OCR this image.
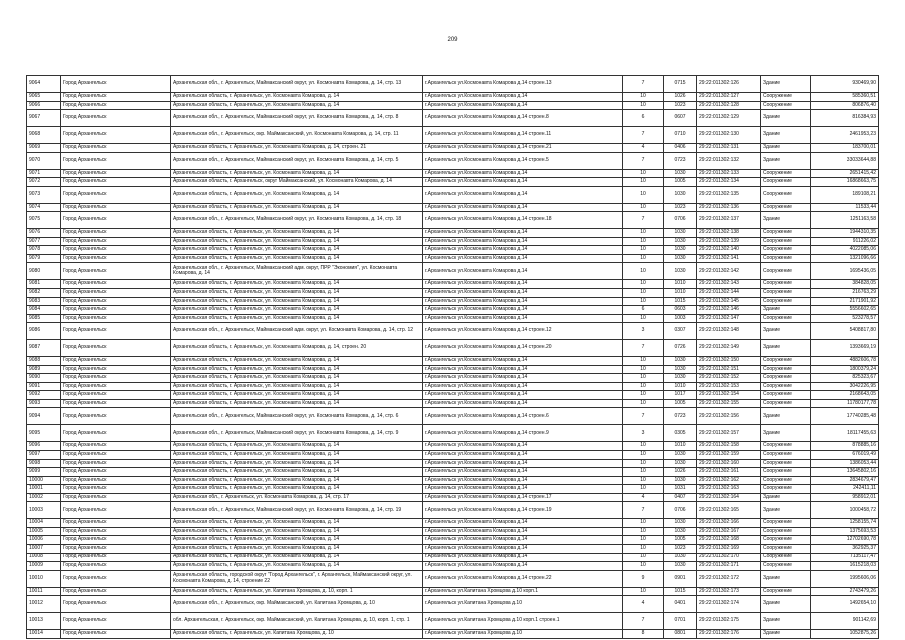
209
9064	Город Архангельск	Архангельская обл., г. Архангельск, Маймаксанский округ, ул. Космонавта Комарова, д. 14, стр. 13	г.Архангельск ул.Космонавта Комарова д.14 строен.13	7	0715	29:22:011302:126	Здание	930469,90
9065	Город Архангельск	Архангельская область, г. Архангельск, ул. Космонавта Комарова, д. 14	г.Архангельск ул.Космонавта Комарова д.14	10	1026	29:22:011302:127	Сооружение	585360,51
9066	Город Архангельск	Архангельская область, г. Архангельск, ул. Космонавта Комарова, д. 14	г.Архангельск ул.Космонавта Комарова д.14	10	1023	29:22:011302:128	Сооружение	806876,40
9067	Город Архангельск	Архангельская обл., г. Архангельск, Маймаксанский округ, ул. Космонавта Комарова, д. 14, стр. 8	г.Архангельск ул.Космонавта Комарова д.14 строен.8	6	0607	29:22:011302:129	Здание	816384,93
9068	Город Архангельск	Архангельская обл., г. Архангельск, окр. Маймаксанский, ул. Космонавта Комарова, д. 14, стр. 11	г.Архангельск ул.Космонавта Комарова д.14 строен.11	7	0710	29:22:011302:130	Здание	2461953,23
9069	Город Архангельск	Архангельская область, г. Архангельск, ул. Космонавта Комарова, д. 14, строен. 21	г.Архангельск ул.Космонавта Комарова д.14 строен.21	4	0406	29:22:011302:131	Здание	183700,01
9070	Город Архангельск	Архангельская обл., г. Архангельск, Маймаксанский округ, ул. Космонавта Комарова, д. 14, стр. 5	г.Архангельск ул.Космонавта Комарова д.14 строен.5	7	0723	29:22:011302:132	Здание	33033644,88
9071	Город Архангельск	Архангельская область, г. Архангельск, ул. Космонавта Комарова, д. 14	г.Архангельск ул.Космонавта Комарова д.14	10	1030	29:22:011302:133	Сооружение	2651415,42
9072	Город Архангельск	Архангельская область, г. Архангельск, округ Маймаксанский, ул. Космонавта Комарова, д. 14	г.Архангельск ул.Космонавта Комарова д.14	10	1005	29:22:011302:134	Сооружение	16868663,75
9073	Город Архангельск	Архангельская область, г. Архангельск, ул. Космонавта Комарова, д. 14	г.Архангельск ул.Космонавта Комарова д.14	10	1030	29:22:011302:135	Сооружение	189108,21
9074	Город Архангельск	Архангельская область, г. Архангельск, ул. Космонавта Комарова, д. 14	г.Архангельск ул.Космонавта Комарова д.14	10	1023	29:22:011302:136	Сооружение	11533,44
9075	Город Архангельск	Архангельская обл., г. Архангельск, Маймаксанский округ, ул. Космонавта Комарова, д. 14, стр. 18	г.Архангельск ул.Космонавта Комарова д.14 строен.18	7	0706	29:22:011302:137	Здание	1251163,58
9076	Город Архангельск	Архангельская область, г. Архангельск, ул. Космонавта Комарова, д. 14	г.Архангельск ул.Космонавта Комарова д.14	10	1030	29:22:011302:138	Сооружение	1944310,35
9077	Город Архангельск	Архангельская область, г. Архангельск, ул. Космонавта Комарова, д. 14	г.Архангельск ул.Космонавта Комарова д.14	10	1030	29:22:011302:139	Сооружение	911226,02
9078	Город Архангельск	Архангельская область, г. Архангельск, ул. Космонавта Комарова, д. 14	г.Архангельск ул.Космонавта Комарова д.14	10	1030	29:22:011302:140	Сооружение	4022085,06
9079	Город Архангельск	Архангельская область, г. Архангельск, ул. Космонавта Комарова, д. 14	г.Архангельск ул.Космонавта Комарова д.14	10	1030	29:22:011302:141	Сооружение	1321096,66
9080	Город Архангельск	Архангельская обл., г. Архангельск, Маймаксанский адм. округ, ПРР "Экономия", ул. Космонавта Комарова, д. 14	г.Архангельск ул.Космонавта Комарова д.14	10	1030	29:22:011302:142	Сооружение	1695436,05
9081	Город Архангельск	Архангельская область, г. Архангельск, ул. Космонавта Комарова, д. 14	г.Архангельск ул.Космонавта Комарова д.14	10	1010	29:22:011302:143	Сооружение	384828,05
9082	Город Архангельск	Архангельская область, г. Архангельск, ул. Космонавта Комарова, д. 14	г.Архангельск ул.Космонавта Комарова д.14	10	1010	29:22:011302:144	Сооружение	216763,29
9083	Город Архангельск	Архангельская область, г. Архангельск, ул. Космонавта Комарова, д. 14	г.Архангельск ул.Космонавта Комарова д.14	10	1015	29:22:011302:145	Сооружение	2171901,92
9084	Город Архангельск	Архангельская область, г. Архангельск, ул. Космонавта Комарова, д. 14	г.Архангельск ул.Космонавта Комарова д.14	6	0603	29:22:011302:146	Здание	5556602,65
9085	Город Архангельск	Архангельская область, г. Архангельск, ул. Космонавта Комарова, д. 14	г.Архангельск ул.Космонавта Комарова д.14	10	1003	29:22:011302:147	Сооружение	523278,57
9086	Город Архангельск	Архангельская обл., г. Архангельск, Маймаксанский адм. округ, ул. Космонавта Комарова, д. 14, стр. 12	г.Архангельск ул.Космонавта Комарова д.14 строен.12	3	0307	29:22:011302:148	Здание	5408817,80
9087	Город Архангельск	Архангельская область, г. Архангельск, ул. Космонавта Комарова, д. 14, строен. 20	г.Архангельск ул.Космонавта Комарова д.14 строен.20	7	0726	29:22:011302:149	Здание	1393669,19
9088	Город Архангельск	Архангельская область, г. Архангельск, ул. Космонавта Комарова, д. 14	г.Архангельск ул.Космонавта Комарова д.14	10	1030	29:22:011302:150	Сооружение	4882606,78
9089	Город Архангельск	Архангельская область, г. Архангельск, ул. Космонавта Комарова, д. 14	г.Архангельск ул.Космонавта Комарова д.14	10	1030	29:22:011302:151	Сооружение	1800379,24
9090	Город Архангельск	Архангельская область, г. Архангельск, ул. Космонавта Комарова, д. 14	г.Архангельск ул.Космонавта Комарова д.14	10	1030	29:22:011302:152	Сооружение	825323,67
9091	Город Архангельск	Архангельская область, г. Архангельск, ул. Космонавта Комарова, д. 14	г.Архангельск ул.Космонавта Комарова д.14	10	1010	29:22:011302:153	Сооружение	3042226,95
9092	Город Архангельск	Архангельская область, г. Архангельск, ул. Космонавта Комарова, д. 14	г.Архангельск ул.Космонавта Комарова д.14	10	1017	29:22:011302:154	Сооружение	2168643,05
9093	Город Архангельск	Архангельская область, г. Архангельск, ул. Космонавта Комарова, д. 14	г.Архангельск ул.Космонавта Комарова д.14	10	1005	29:22:011302:155	Сооружение	11780177,78
9094	Город Архангельск	Архангельская обл., г. Архангельск, Маймаксанский округ, ул. Космонавта Комарова, д. 14, стр. 6	г.Архангельск ул.Космонавта Комарова д.14 строен.6	7	0723	29:22:011302:156	Здание	17740285,48
9095	Город Архангельск	Архангельская обл., г. Архангельск, Маймаксанский округ, ул. Космонавта Комарова, д. 14, стр. 9	г.Архангельск ул.Космонавта Комарова д.14 строен.9	3	0305	29:22:011302:157	Здание	18117455,63
9096	Город Архангельск	Архангельская область, г. Архангельск, ул. Космонавта Комарова, д. 14	г.Архангельск ул.Космонавта Комарова д.14	10	1010	29:22:011302:158	Сооружение	878885,16
9097	Город Архангельск	Архангельская область, г. Архангельск, ул. Космонавта Комарова, д. 14	г.Архангельск ул.Космонавта Комарова д.14	10	1030	29:22:011302:159	Сооружение	676019,49
9098	Город Архангельск	Архангельская область, г. Архангельск, ул. Космонавта Комарова, д. 14	г.Архангельск ул.Космонавта Комарова д.14	10	1030	29:22:011302:160	Сооружение	1386053,44
9099	Город Архангельск	Архангельская область, г. Архангельск, ул. Космонавта Комарова, д. 14	г.Архангельск ул.Космонавта Комарова д.14	10	1026	29:22:011302:161	Сооружение	13645802,16
10000	Город Архангельск	Архангельская область, г. Архангельск, ул. Космонавта Комарова, д. 14	г.Архангельск ул.Космонавта Комарова д.14	10	1030	29:22:011302:162	Сооружение	2834679,47
10001	Город Архангельск	Архангельская область, г. Архангельск, ул. Космонавта Комарова, д. 14	г.Архангельск ул.Космонавта Комарова д.14	10	1031	29:22:011302:163	Сооружение	242411,11
10002	Город Архангельск	Архангельская обл., г. Архангельск, ул. Космонавта Комарова, д. 14, стр. 17	г.Архангельск ул.Космонавта Комарова д.14 строен.17	4	0407	29:22:011302:164	Здание	958912,01
10003	Город Архангельск	Архангельская обл., г. Архангельск, Маймаксанский округ, ул. Космонавта Комарова, д. 14, стр. 19	г.Архангельск ул.Космонавта Комарова д.14 строен.19	7	0706	29:22:011302:165	Здание	1000458,72
10004	Город Архангельск	Архангельская область, г. Архангельск, ул. Космонавта Комарова, д. 14	г.Архангельск ул.Космонавта Комарова д.14	10	1030	29:22:011302:166	Сооружение	1258155,74
10005	Город Архангельск	Архангельская область, г. Архангельск, ул. Космонавта Комарова, д. 14	г.Архангельск ул.Космонавта Комарова д.14	10	1030	29:22:011302:167	Сооружение	1375693,53
10006	Город Архангельск	Архангельская область, г. Архангельск, ул. Космонавта Комарова, д. 14	г.Архангельск ул.Космонавта Комарова д.14	10	1005	29:22:011302:168	Сооружение	12702690,78
10007	Город Архангельск	Архангельская область, г. Архангельск, ул. Космонавта Комарова, д. 14	г.Архангельск ул.Космонавта Комарова д.14	10	1023	29:22:011302:169	Сооружение	362925,37
10008	Город Архангельск	Архангельская область, г. Архангельск, ул. Космонавта Комарова, д. 14	г.Архангельск ул.Космонавта Комарова д.14	10	1030	29:22:011302:170	Сооружение	7135117,47
10009	Город Архангельск	Архангельская область, г. Архангельск, ул. Космонавта Комарова, д. 14	г.Архангельск ул.Космонавта Комарова д.14	10	1030	29:22:011302:171	Сооружение	1615218,03
10010	Город Архангельск	Архангельская область, городской округ "Город Архангельск", г. Архангельск, Маймаксанский округ, ул. Космонавта Комарова, д. 14, строение 22	г.Архангельск ул.Космонавта Комарова д.14 строен.22	9	0901	29:22:011302:172	Здание	1995606,06
10011	Город Архангельск	Архангельская область, г. Архангельск, ул. Капитана Хромцова, д. 10, корп. 1	г.Архангельск ул.Капитана Хромцова д.10 корп.1	10	1015	29:22:011302:173	Сооружение	2743479,26
10012	Город Архангельск	Архангельская обл., г. Архангельск, окр. Маймаксанский, ул. Капитана Хромцова, д. 10	г.Архангельск ул.Капитана Хромцова д.10	4	0401	29:22:011302:174	Здание	1492654,10
10013	Город Архангельск	обл. Архангельская, г. Архангельск, окр. Маймаксанский, ул. Капитана Хромцова, д. 10, корп. 1, стр. 1	г.Архангельск ул.Капитана Хромцова д.10 корп.1 строен.1	7	0701	29:22:011302:175	Здание	901142,69
10014	Город Архангельск	Архангельская область, г. Архангельск, ул. Капитана Хромцова, д. 10	г.Архангельск ул.Капитана Хромцова д.10	8	0801	29:22:011302:176	Здание	1052875,26
